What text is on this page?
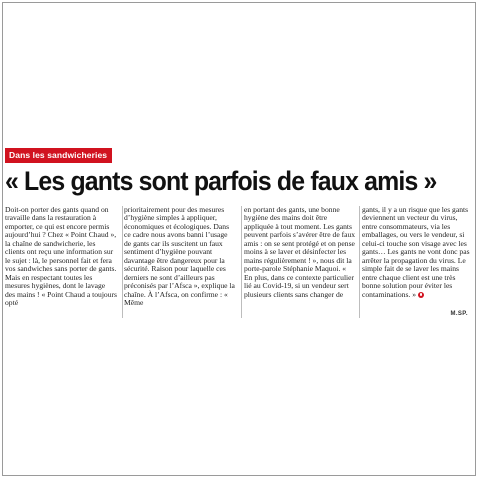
Dans les sandwicheries
« Les gants sont parfois de faux amis »

Doit-on porter des gants quand on travaille dans la restauration à emporter, ce qui est encore permis aujourd’hui ? Chez « Point Chaud », la chaîne de sandwicherie, les clients ont reçu une information sur le sujet : là, le personnel fait et fera vos sandwiches sans porter de gants. Mais en respectant toutes les mesures hygiènes, dont le lavage des mains ! « Point Chaud a toujours opté

prioritairement pour des mesures d’hygiène simples à appliquer, économiques et écologiques. Dans ce cadre nous avons banni l’usage de gants car ils suscitent un faux sentiment d’hygiène pouvant davantage être dangereux pour la sécurité. Raison pour laquelle ces derniers ne sont d’ailleurs pas préconisés par l’Afsca », explique la chaîne. À l’Afsca, on confirme : « Même

en portant des gants, une bonne hygiène des mains doit être appliquée à tout moment. Les gants peuvent parfois s’avérer être de faux amis : on se sent protégé et on pense moins à se laver et désinfecter les mains régulièrement ! », nous dit la porte-parole Stéphanie Maquoi. « En plus, dans ce contexte particulier lié au Covid-19, si un vendeur sert plusieurs clients sans changer de

gants, il y a un risque que les gants deviennent un vecteur du virus, entre consommateurs, via les emballages, ou vers le vendeur, si celui-ci touche son visage avec les gants… Les gants ne vont donc pas arrêter la propagation du virus. Le simple fait de se laver les mains entre chaque client est une très bonne solution pour éviter les contaminations. »

M.SP.
